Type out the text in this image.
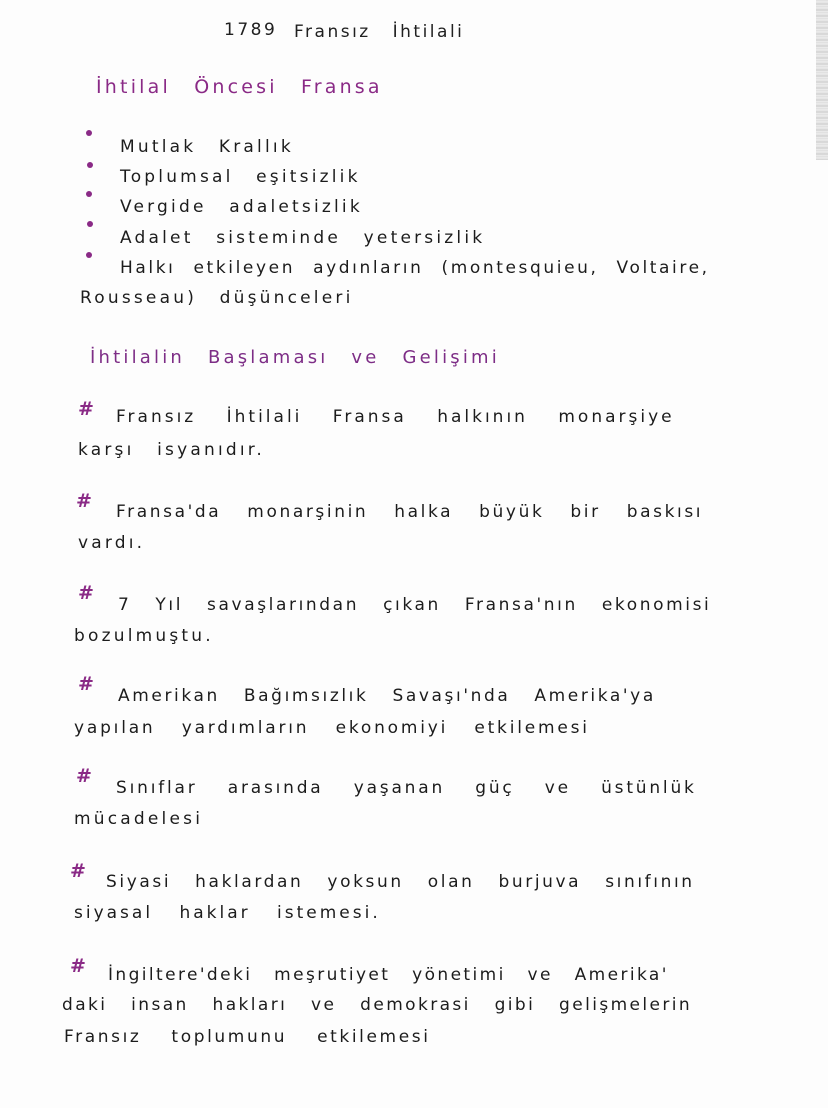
1789 Fransız İhtilali
İhtilal Öncesi Fransa
Mutlak Krallık
Toplumsal eşitsizlik
Vergide adaletsizlik
Adalet sisteminde yetersizlik
Halkı etkileyen aydınların (montesquieu, Voltaire,
Rousseau) düşünceleri
İhtilalin Başlaması ve Gelişimi
# Fransız İhtilali Fransa halkının monarşiye
karşı isyanıdır.
# Fransa'da monarşinin halka büyük bir baskısı
vardı.
#
7 Yıl savaşlarından çıkan Fransa'nın ekonomisi
bozulmuştu.
#
Amerikan Bağımsızlık Savaşı'nda Amerika'ya
yapılan yardımların ekonomiyi etkilemesi
#
Sınıflar arasında yaşanan güç ve üstünlük
mücadelesi
# Siyasi haklardan yoksun olan burjuva sınıfının
siyasal haklar istemesi.
# İngiltere'deki meşrutiyet yönetimi ve Amerika'
daki insan hakları ve demokrasi gibi gelişmelerin
Fransız toplumunu etkilemesi
